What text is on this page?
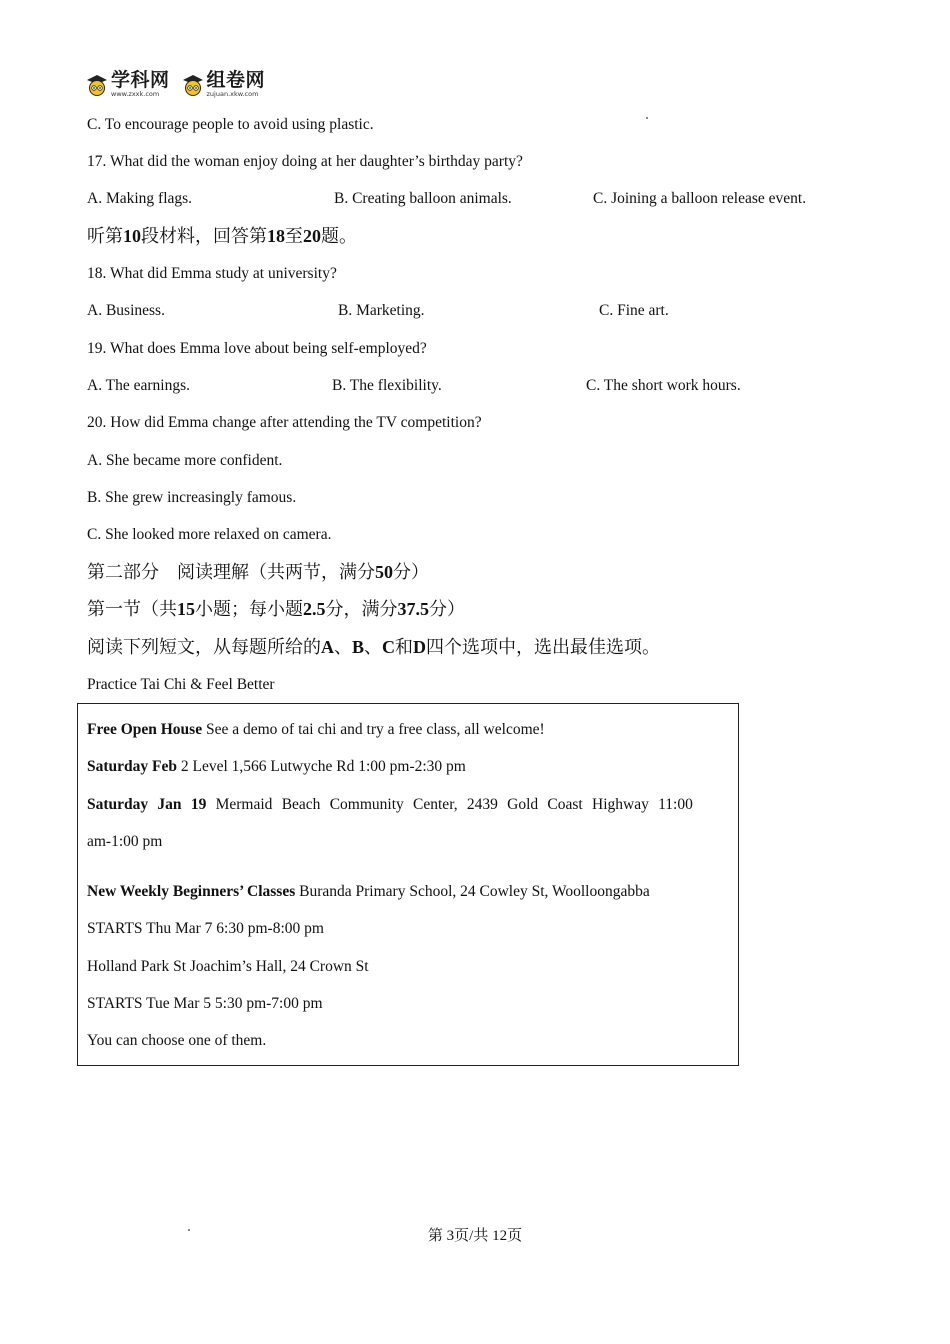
学科网
www.zxxk.com
组卷网
zujuan.xkw.com
C. To encourage people to avoid using plastic.
17. What did the woman enjoy doing at her daughter’s birthday party?
A. Making flags.	B. Creating balloon animals.	C. Joining a balloon release event.
听第10段材料，回答第18至20题。
18. What did Emma study at university?
A. Business.	B. Marketing.	C. Fine art.
19. What does Emma love about being self-employed?
A. The earnings.	B. The flexibility.	C. The short work hours.
20. How did Emma change after attending the TV competition?
A. She became more confident.
B. She grew increasingly famous.
C. She looked more relaxed on camera.
第二部分　阅读理解（共两节，满分50分）
第一节（共15小题；每小题2.5分，满分37.5分）
阅读下列短文，从每题所给的A、B、C和D四个选项中，选出最佳选项。
Practice Tai Chi & Feel Better
Free Open House See a demo of tai chi and try a free class, all welcome!
Saturday Feb 2 Level 1,566 Lutwyche Rd 1:00 pm-2:30 pm
Saturday Jan 19 Mermaid Beach Community Center, 2439 Gold Coast Highway 11:00
am-1:00 pm
New Weekly Beginners’ Classes Buranda Primary School, 24 Cowley St, Woolloongabba
STARTS Thu Mar 7 6:30 pm-8:00 pm
Holland Park St Joachim’s Hall, 24 Crown St
STARTS Tue Mar 5 5:30 pm-7:00 pm
You can choose one of them.
第 3页/共 12页
